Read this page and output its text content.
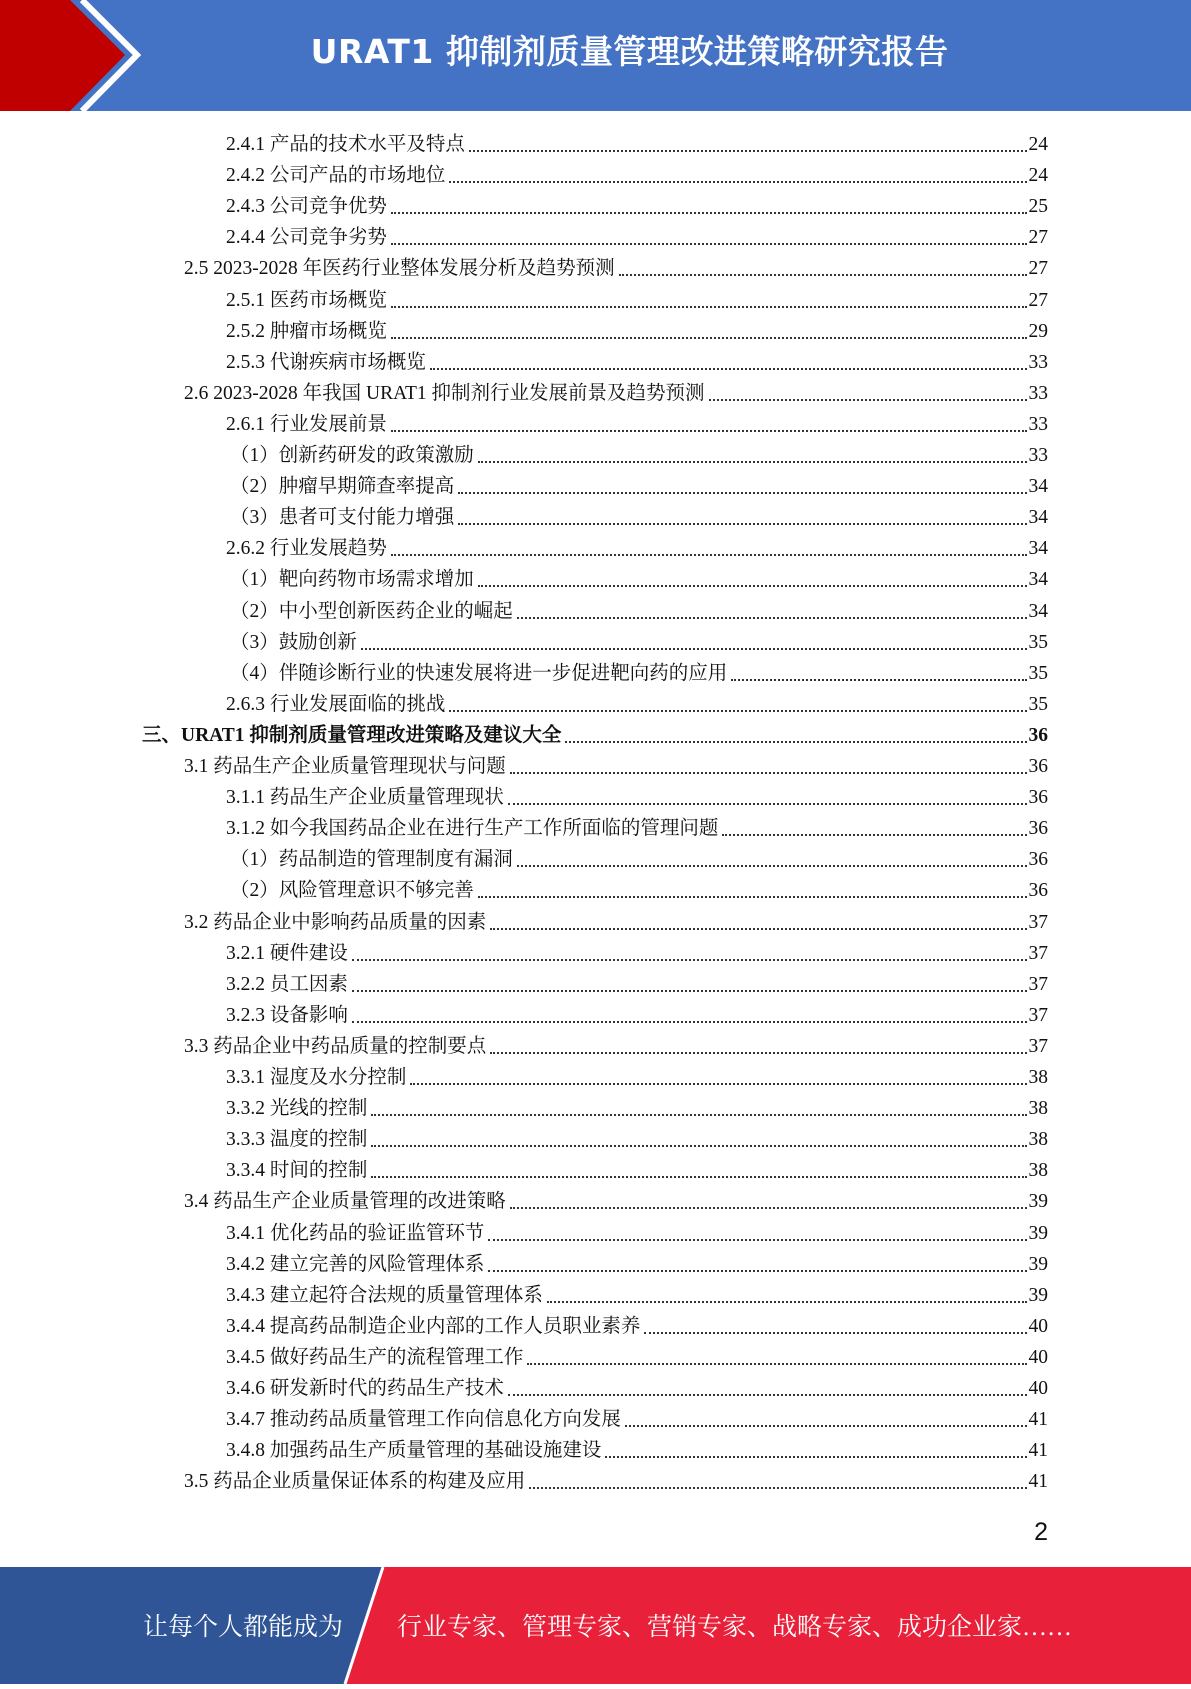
URAT1 抑制剂质量管理改进策略研究报告
2.4.1 产品的技术水平及特点	24
2.4.2 公司产品的市场地位	24
2.4.3 公司竞争优势	25
2.4.4 公司竞争劣势	27
2.5 2023-2028 年医药行业整体发展分析及趋势预测	27
2.5.1 医药市场概览	27
2.5.2 肿瘤市场概览	29
2.5.3 代谢疾病市场概览	33
2.6 2023-2028 年我国 URAT1 抑制剂行业发展前景及趋势预测	33
2.6.1 行业发展前景	33
（1）创新药研发的政策激励	33
（2）肿瘤早期筛查率提高	34
（3）患者可支付能力增强	34
2.6.2 行业发展趋势	34
（1）靶向药物市场需求增加	34
（2）中小型创新医药企业的崛起	34
（3）鼓励创新	35
（4）伴随诊断行业的快速发展将进一步促进靶向药的应用	35
2.6.3 行业发展面临的挑战	35
三、URAT1 抑制剂质量管理改进策略及建议大全	36
3.1 药品生产企业质量管理现状与问题	36
3.1.1 药品生产企业质量管理现状	36
3.1.2 如今我国药品企业在进行生产工作所面临的管理问题	36
（1）药品制造的管理制度有漏洞	36
（2）风险管理意识不够完善	36
3.2 药品企业中影响药品质量的因素	37
3.2.1 硬件建设	37
3.2.2 员工因素	37
3.2.3 设备影响	37
3.3 药品企业中药品质量的控制要点	37
3.3.1 湿度及水分控制	38
3.3.2 光线的控制	38
3.3.3 温度的控制	38
3.3.4 时间的控制	38
3.4 药品生产企业质量管理的改进策略	39
3.4.1 优化药品的验证监管环节	39
3.4.2 建立完善的风险管理体系	39
3.4.3 建立起符合法规的质量管理体系	39
3.4.4 提高药品制造企业内部的工作人员职业素养	40
3.4.5 做好药品生产的流程管理工作	40
3.4.6 研发新时代的药品生产技术	40
3.4.7 推动药品质量管理工作向信息化方向发展	41
3.4.8 加强药品生产质量管理的基础设施建设	41
3.5 药品企业质量保证体系的构建及应用	41
2
让每个人都能成为 行业专家、管理专家、营销专家、战略专家、成功企业家……
